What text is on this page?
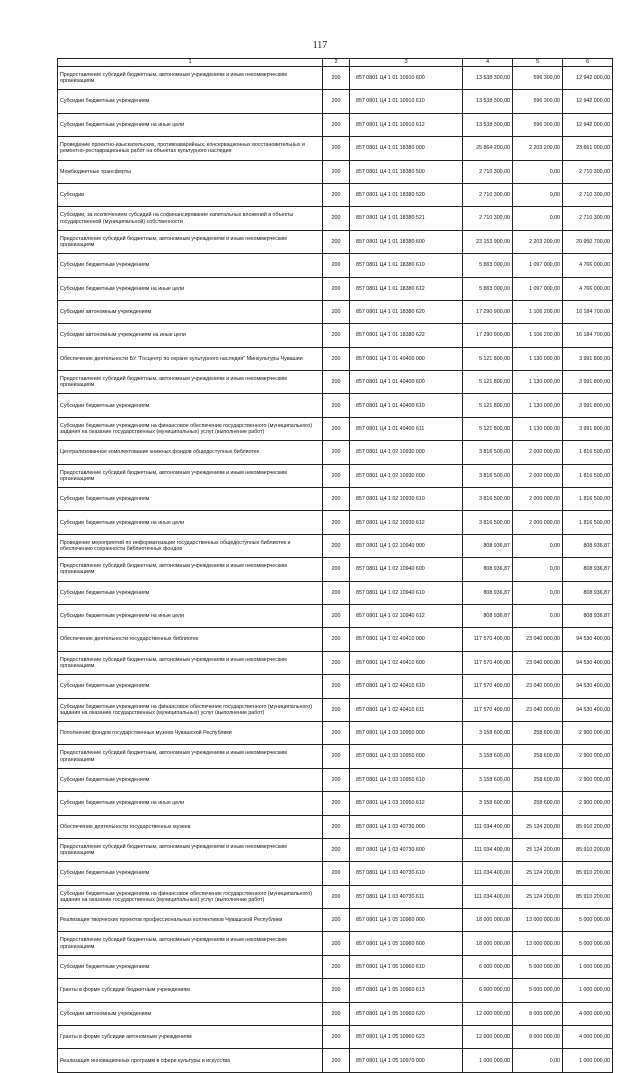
117
1	2	3	4	5	6
Предоставление субсидий бюджетным, автономным учреждениям и иным некоммерческим организациям	200	857 0801 Ц4 1 01 10910 600	13 538 300,00	596 300,00	12 942 000,00
Субсидии бюджетным учреждениям	200	857 0801 Ц4 1 01 10910 610	13 538 300,00	596 300,00	12 942 000,00
Субсидии бюджетным учреждениям на иные цели	200	857 0801 Ц4 1 01 10910 612	13 538 300,00	596 300,00	12 942 000,00
Проведение проектно-изыскательских, противоаварийных, консервационных восстановительных и ремонтно-реставрационных работ на объектах культурного наследия	200	857 0801 Ц4 1 01 18380 000	25 864 200,00	2 203 200,00	23 661 000,00
Межбюджетные трансферты	200	857 0801 Ц4 1 01 18380 500	2 710 300,00	0,00	2 710 300,00
Субсидии	200	857 0801 Ц4 1 01 18380 520	2 710 300,00	0,00	2 710 300,00
Субсидии, за исключением субсидий на софинансирование капитальных вложений в объекты государственной (муниципальной) собственности	200	857 0801 Ц4 1 01 18380 521	2 710 300,00	0,00	2 710 300,00
Предоставление субсидий бюджетным, автономным учреждениям и иным некоммерческим организациям	200	857 0801 Ц4 1 01 18380 600	23 153 900,00	2 203 200,00	20 950 700,00
Субсидии бюджетным учреждениям	200	857 0801 Ц4 1 01 18380 610	5 863 000,00	1 097 000,00	4 766 000,00
Субсидии бюджетным учреждениям на иные цели	200	857 0801 Ц4 1 01 18380 612	5 863 000,00	1 097 000,00	4 766 000,00
Субсидии автономным учреждениям	200	857 0801 Ц4 1 01 18380 620	17 290 900,00	1 106 200,00	16 184 700,00
Субсидии автономным учреждениям на иные цели	200	857 0801 Ц4 1 01 18380 622	17 290 900,00	1 106 200,00	16 184 700,00
Обеспечение деятельности БУ "Госцентр по охране культурного наследия" Минкультуры Чувашии	200	857 0801 Ц4 1 01 40400 000	5 121 800,00	1 130 000,00	3 991 800,00
Предоставление субсидий бюджетным, автономным учреждениям и иным некоммерческим организациям	200	857 0801 Ц4 1 01 40400 600	5 121 800,00	1 130 000,00	3 991 800,00
Субсидии бюджетным учреждениям	200	857 0801 Ц4 1 01 40400 610	5 121 800,00	1 130 000,00	3 991 800,00
Субсидии бюджетным учреждениям на финансовое обеспечение государственного (муниципального) задания на оказание государственных (муниципальных) услуг (выполнение работ)	200	857 0801 Ц4 1 01 40400 611	5 121 800,00	1 130 000,00	3 991 800,00
Централизованное комплектование книжных фондов общедоступных библиотек	200	857 0801 Ц4 1 02 10930 000	3 816 500,00	2 000 000,00	1 816 500,00
Предоставление субсидий бюджетным, автономным учреждениям и иным некоммерческим организациям	200	857 0801 Ц4 1 02 10930 600	3 816 500,00	2 000 000,00	1 816 500,00
Субсидии бюджетным учреждениям	200	857 0801 Ц4 1 02 10930 610	3 816 500,00	2 000 000,00	1 816 500,00
Субсидии бюджетным учреждениям на иные цели	200	857 0801 Ц4 1 02 10930 612	3 816 500,00	2 000 000,00	1 816 500,00
Проведение мероприятий по информатизации государственных общедоступных библиотек и обеспечению сохранности библиотечных фондов	200	857 0801 Ц4 1 02 10940 000	808 936,87	0,00	808 936,87
Предоставление субсидий бюджетным, автономным учреждениям и иным некоммерческим организациям	200	857 0801 Ц4 1 02 10940 600	808 936,87	0,00	808 936,87
Субсидии бюджетным учреждениям	200	857 0801 Ц4 1 02 10940 610	808 936,87	0,00	808 936,87
Субсидии бюджетным учреждениям на иные цели	200	857 0801 Ц4 1 02 10940 612	808 936,87	0,00	808 936,87
Обеспечение деятельности государственных библиотек	200	857 0801 Ц4 1 02 40410 000	117 570 400,00	23 040 000,00	94 530 400,00
Предоставление субсидий бюджетным, автономным учреждениям и иным некоммерческим организациям	200	857 0801 Ц4 1 02 40410 600	117 570 400,00	23 040 000,00	94 530 400,00
Субсидии бюджетным учреждениям	200	857 0801 Ц4 1 02 40410 610	117 570 400,00	23 040 000,00	94 530 400,00
Субсидии бюджетным учреждениям на финансовое обеспечение государственного (муниципального) задания на оказание государственных (муниципальных) услуг (выполнение работ)	200	857 0801 Ц4 1 02 40410 611	117 570 400,00	23 040 000,00	94 530 400,00
Пополнение фондов государственных музеев Чувашской Республики	200	857 0801 Ц4 1 03 10950 000	3 158 600,00	258 600,00	2 900 000,00
Предоставление субсидий бюджетным, автономным учреждениям и иным некоммерческим организациям	200	857 0801 Ц4 1 03 10950 600	3 158 600,00	258 600,00	2 900 000,00
Субсидии бюджетным учреждениям	200	857 0801 Ц4 1 03 10950 610	3 158 600,00	258 600,00	2 900 000,00
Субсидии бюджетным учреждениям на иные цели	200	857 0801 Ц4 1 03 10950 612	3 158 600,00	258 600,00	2 900 000,00
Обеспечение деятельности государственных музеев	200	857 0801 Ц4 1 03 40730 000	111 034 400,00	25 124 200,00	85 910 200,00
Предоставление субсидий бюджетным, автономным учреждениям и иным некоммерческим организациям	200	857 0801 Ц4 1 03 40730 600	111 034 400,00	25 124 200,00	85 910 200,00
Субсидии бюджетным учреждениям	200	857 0801 Ц4 1 03 40730 610	111 034 400,00	25 124 200,00	85 910 200,00
Субсидии бюджетным учреждениям на финансовое обеспечение государственного (муниципального) задания на оказание государственных (муниципальных) услуг (выполнение работ)	200	857 0801 Ц4 1 03 40730 611	111 034 400,00	25 124 200,00	85 910 200,00
Реализация творческих проектов профессиональных коллективов Чувашской Республики	200	857 0801 Ц4 1 05 10960 000	18 000 000,00	13 000 000,00	5 000 000,00
Предоставление субсидий бюджетным, автономным учреждениям и иным некоммерческим организациям	200	857 0801 Ц4 1 05 10960 600	18 000 000,00	13 000 000,00	5 000 000,00
Субсидии бюджетным учреждениям	200	857 0801 Ц4 1 05 10960 610	6 000 000,00	5 000 000,00	1 000 000,00
Гранты в форме субсидии бюджетным учреждениям	200	857 0801 Ц4 1 05 10960 613	6 000 000,00	5 000 000,00	1 000 000,00
Субсидии автономным учреждениям	200	857 0801 Ц4 1 05 10960 620	12 000 000,00	8 000 000,00	4 000 000,00
Гранты в форме субсидии автономным учреждениям	200	857 0801 Ц4 1 05 10960 623	12 000 000,00	8 000 000,00	4 000 000,00
Реализация инновационных программ в сфере культуры и искусства	200	857 0801 Ц4 1 05 10970 000	1 000 000,00	0,00	1 000 000,00
